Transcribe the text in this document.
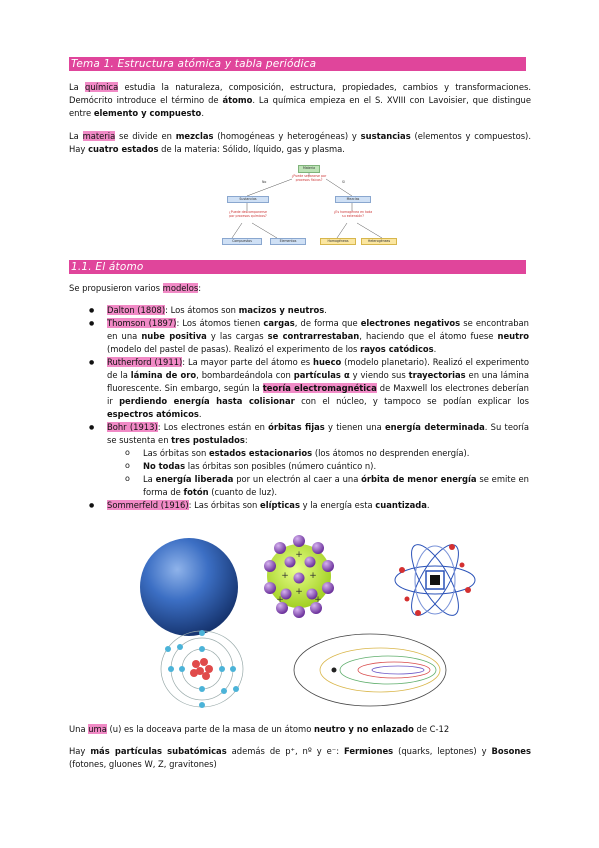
Tema 1. Estructura atómica y tabla periódica
La química estudia la naturaleza, composición, estructura, propiedades, cambios y transformaciones. Demócrito introduce el término de átomo. La química empieza en el S. XVIII con Lavoisier, que distingue entre elemento y compuesto.
La materia se divide en mezclas (homogéneas y heterogéneas) y sustancias (elementos y compuestos). Hay cuatro estados de la materia: Sólido, líquido, gas y plasma.
Materia
¿Puede separarse por procesos físicos?
No	Sí
Sustancias	Mezclas
¿Puede descomponerse por procesos químicos?
¿Es homogénea en toda su extensión?
Compuestos	Elementos	Homogéneas	Heterogéneas
1.1. El átomo
Se propusieron varios modelos:
● Dalton (1808): Los átomos son macizos y neutros.
● Thomson (1897): Los átomos tienen cargas, de forma que electrones negativos se encontraban en una nube positiva y las cargas se contrarrestaban, haciendo que el átomo fuese neutro (modelo del pastel de pasas). Realizó el experimento de los rayos catódicos.
● Rutherford (1911): La mayor parte del átomo es hueco (modelo planetario). Realizó el experimento de la lámina de oro, bombardeándola con partículas α y viendo sus trayectorias en una lámina fluorescente. Sin embargo, según la teoría electromagnética de Maxwell los electrones deberían ir perdiendo energía hasta colisionar con el núcleo, y tampoco se podían explicar los espectros atómicos.
● Bohr (1913): Los electrones están en órbitas fijas y tienen una energía determinada. Su teoría se sustenta en tres postulados:
o Las órbitas son estados estacionarios (los átomos no desprenden energía).
o No todas las órbitas son posibles (número cuántico n).
o La energía liberada por un electrón al caer a una órbita de menor energía se emite en forma de fotón (cuanto de luz).
● Sommerfeld (1916): Las órbitas son elípticas y la energía esta cuantizada.
+
+ +
+
+	+
Una uma (u) es la doceava parte de la masa de un átomo neutro y no enlazado de C-12
Hay más partículas subatómicas además de p⁺, nº y e⁻: Fermiones (quarks, leptones) y Bosones (fotones, gluones W, Z, gravitones)
